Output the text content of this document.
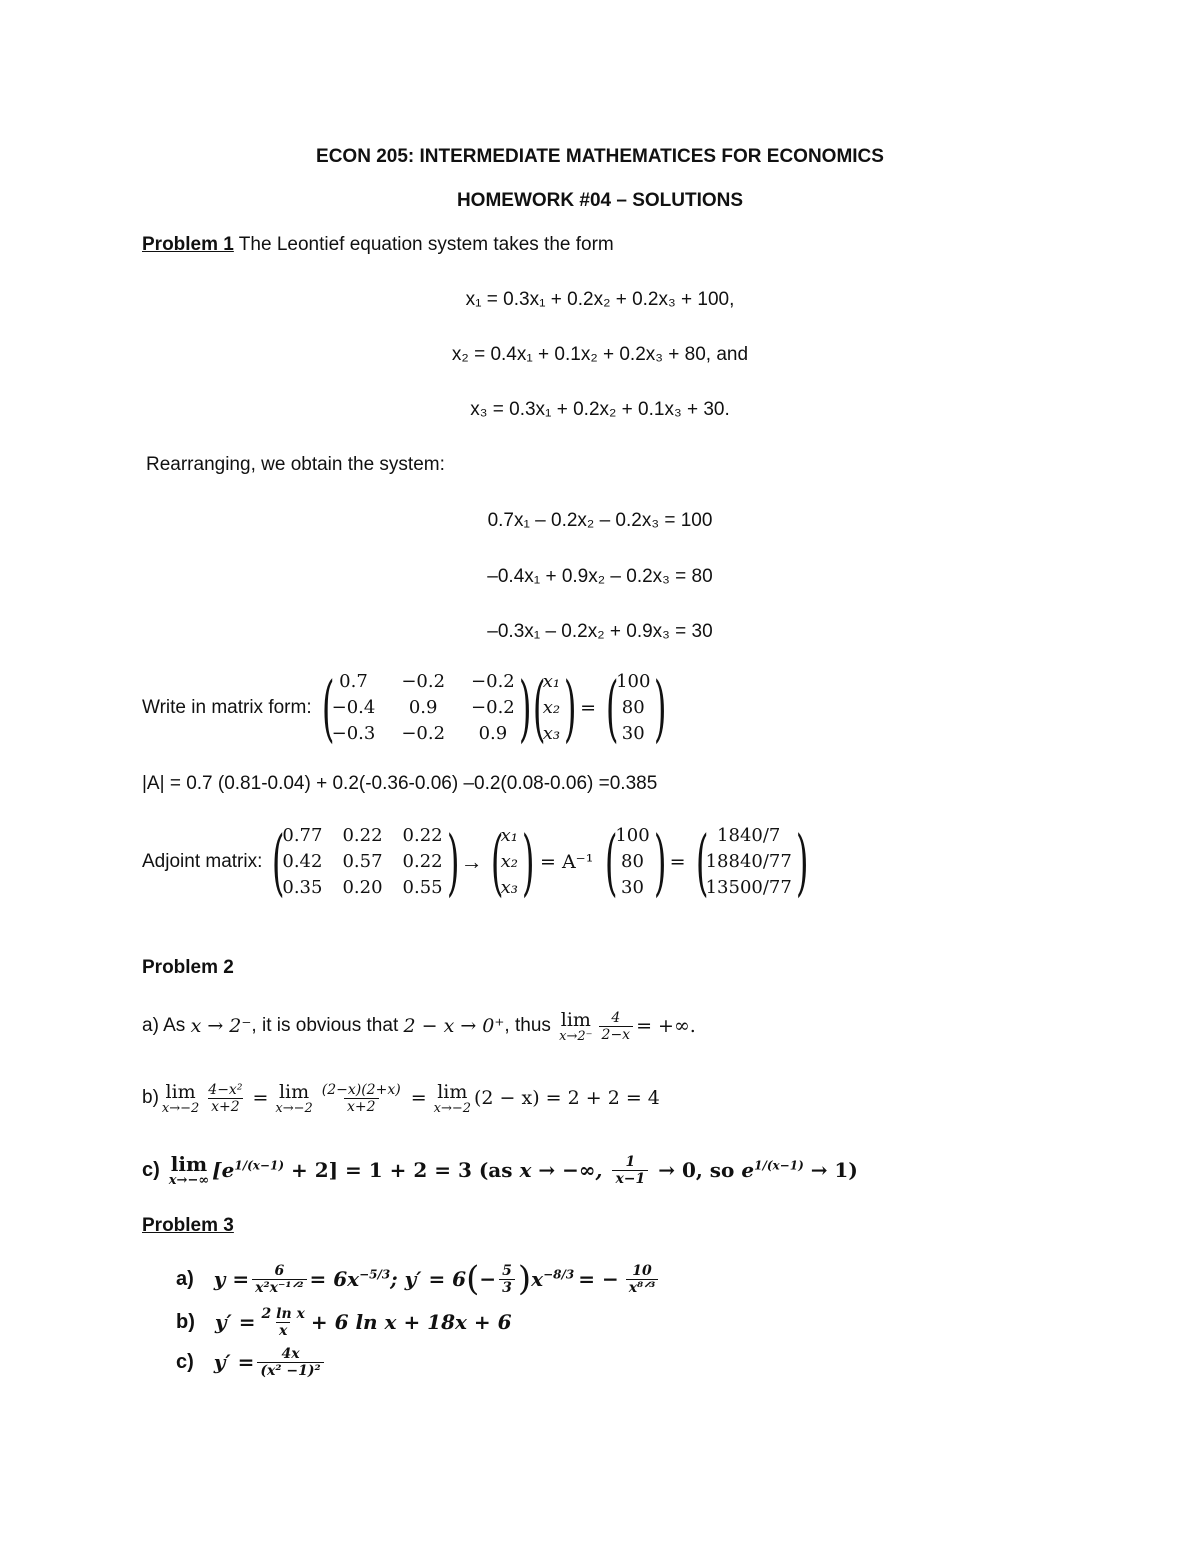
ECON 205: INTERMEDIATE MATHEMATICES FOR ECONOMICS
HOMEWORK #04 – SOLUTIONS
Problem 1 The Leontief equation system takes the form
x₁ = 0.3x₁ + 0.2x₂ + 0.2x₃ + 100,
x₂ = 0.4x₁ + 0.1x₂ + 0.2x₃ + 80, and
x₃ = 0.3x₁ + 0.2x₂ + 0.1x₃ + 30.
Rearranging, we obtain the system:
0.7x₁ – 0.2x₂ – 0.2x₃ = 100
–0.4x₁ + 0.9x₂ – 0.2x₃ = 80
–0.3x₁ – 0.2x₂ + 0.9x₃ = 30
Write in matrix form: ( 0.7	−0.2 −0.2
−0.4	0.9	−0.2
−0.3 −0.2	0.9 ) (
x₁
x₂
x₃ ) = (
100
80
30 )
|A| = 0.7 (0.81-0.04) + 0.2(-0.36-0.06) –0.2(0.08-0.06) =0.385
Adjoint matrix: (
0.77 0.22 0.22
0.42 0.57 0.22
0.35 0.20 0.55 ) → (
x₁
x₂
x₃ ) = A⁻¹ (
100
80
30 ) = ( 1840/7
18840/77
13500/77 )
Problem 2
a) As x → 2⁻ , it is obvious that 2 − x → 0⁺ , thus lim
$x\to 2^- \frac{4}{2-x}$ = +∞.
b) lim
$x\to-2 \frac{\text{4−x²}}{x+2} = \lim$
$x\to-2 \frac{(2-x)(2+x)}{x+2} = \lim$
x→−2 (2 − x) = 2 + 2 = 4
c) lim
x→−∞ $[e^{1/(x-1)} + 2] = 1 + 2 = 3$ (as x → −∞, $\frac{1}{x-1} \to 0$, so $e^{1/(x-1)} \to 1$)
Problem 3
a) $y = \frac{6}{\text{x²x⁻¹ᐟ²}} = 6x^{-5/3}$ ; y′ = 6 ( − $\frac{5}{3}$ ) $x^{-8/3}$ = − $\frac{10}{\text{x⁸ᐟ³}}$
b) $y' = \frac{\text{2 ln x}}{x} + 6$ ln x + 18x + 6
c) $y' = \frac{4x}{\text{(x² −1)²}}$
